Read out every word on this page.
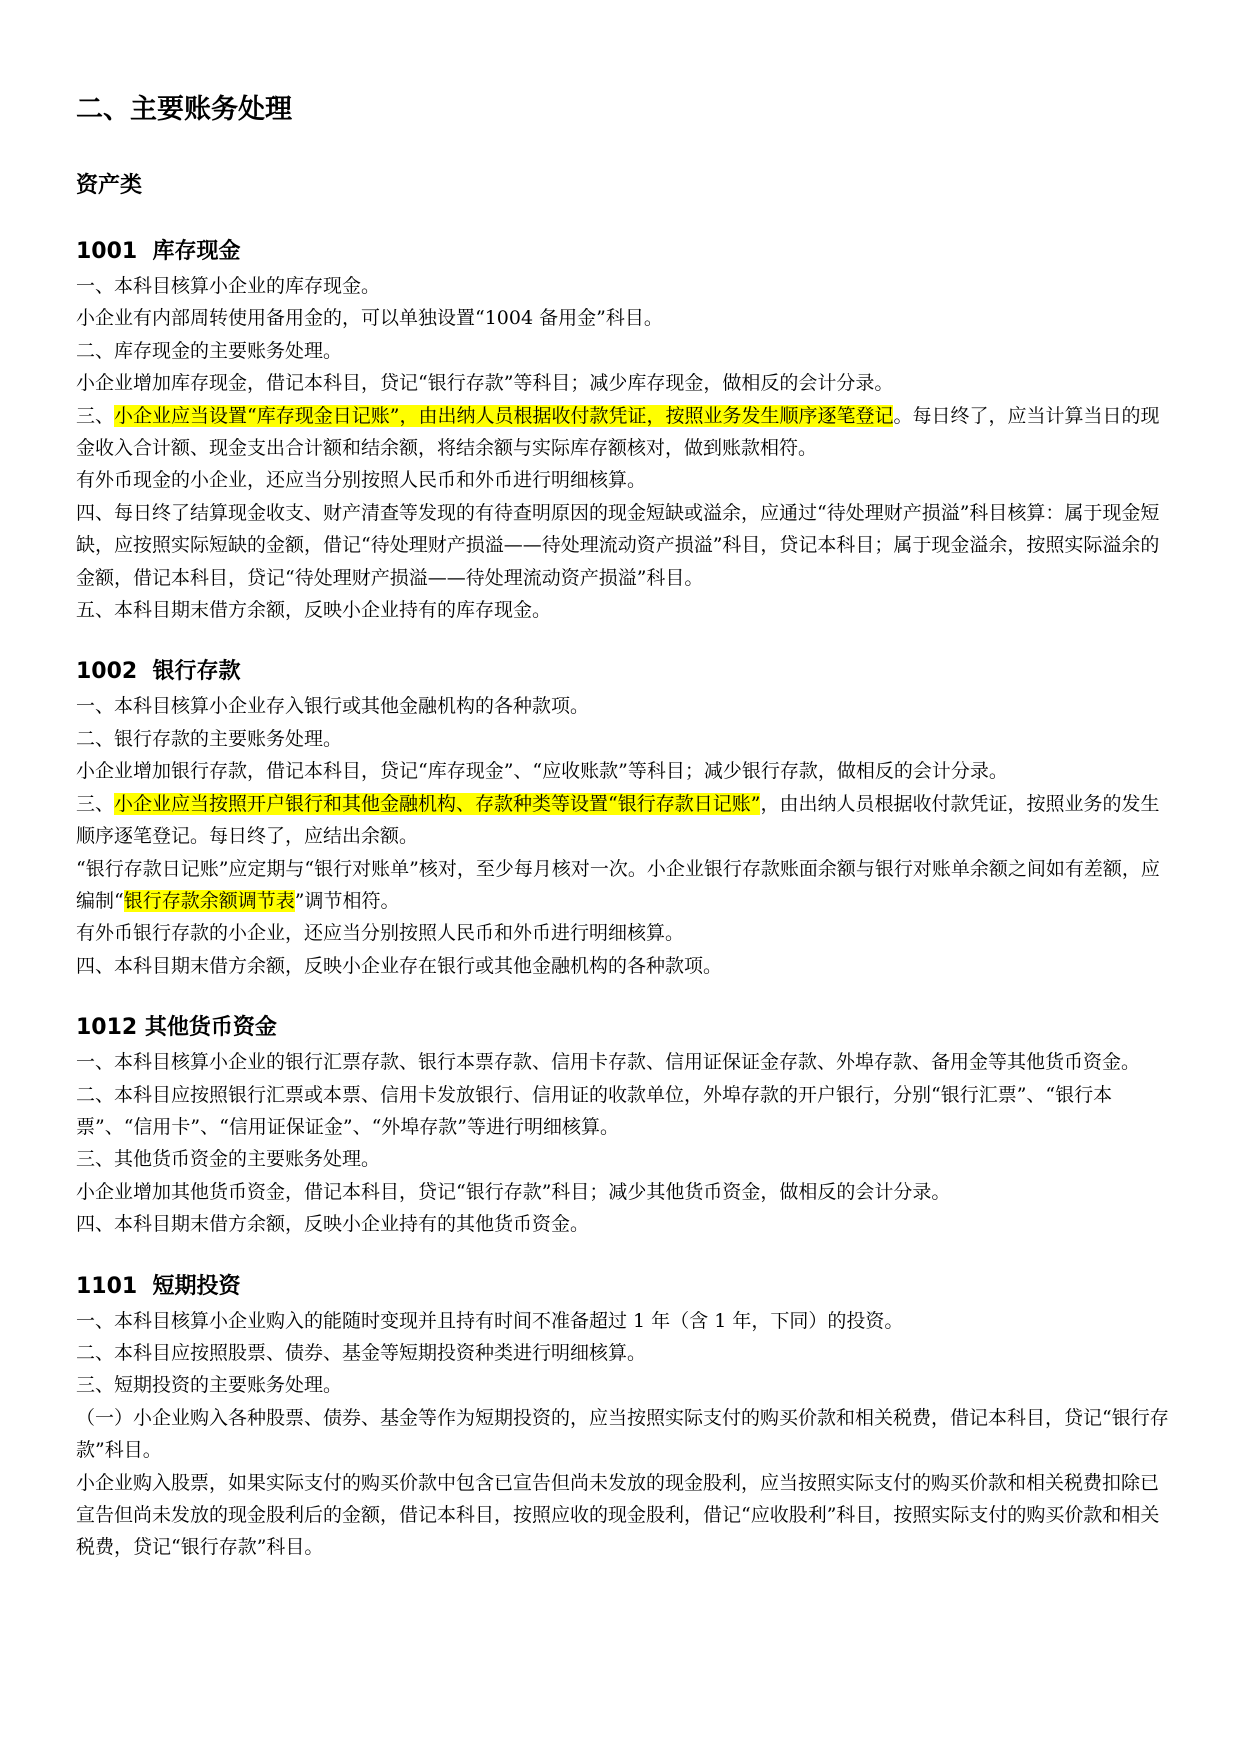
二、主要账务处理
资产类
1001  库存现金

一、本科目核算小企业的库存现金。

小企业有内部周转使用备用金的，可以单独设置“1004 备用金”科目。

二、库存现金的主要账务处理。

小企业增加库存现金，借记本科目，贷记“银行存款”等科目；减少库存现金，做相反的会计分录。

三、小企业应当设置“库存现金日记账”，由出纳人员根据收付款凭证，按照业务发生顺序逐笔登记。每日终了，应当计算当日的现金收入合计额、现金支出合计额和结余额，将结余额与实际库存额核对，做到账款相符。

有外币现金的小企业，还应当分别按照人民币和外币进行明细核算。

四、每日终了结算现金收支、财产清查等发现的有待查明原因的现金短缺或溢余，应通过“待处理财产损溢”科目核算：属于现金短缺，应按照实际短缺的金额，借记“待处理财产损溢——待处理流动资产损溢”科目，贷记本科目；属于现金溢余，按照实际溢余的金额，借记本科目，贷记“待处理财产损溢——待处理流动资产损溢”科目。

五、本科目期末借方余额，反映小企业持有的库存现金。

1002  银行存款

一、本科目核算小企业存入银行或其他金融机构的各种款项。

二、银行存款的主要账务处理。

小企业增加银行存款，借记本科目，贷记“库存现金”、“应收账款”等科目；减少银行存款，做相反的会计分录。

三、小企业应当按照开户银行和其他金融机构、存款种类等设置“银行存款日记账”，由出纳人员根据收付款凭证，按照业务的发生顺序逐笔登记。每日终了，应结出余额。

“银行存款日记账”应定期与“银行对账单”核对，至少每月核对一次。小企业银行存款账面余额与银行对账单余额之间如有差额，应编制“银行存款余额调节表”调节相符。

有外币银行存款的小企业，还应当分别按照人民币和外币进行明细核算。

四、本科目期末借方余额，反映小企业存在银行或其他金融机构的各种款项。

1012 其他货币资金

一、本科目核算小企业的银行汇票存款、银行本票存款、信用卡存款、信用证保证金存款、外埠存款、备用金等其他货币资金。

二、本科目应按照银行汇票或本票、信用卡发放银行、信用证的收款单位，外埠存款的开户银行，分别“银行汇票”、“银行本票”、“信用卡”、“信用证保证金”、“外埠存款”等进行明细核算。

三、其他货币资金的主要账务处理。

小企业增加其他货币资金，借记本科目，贷记“银行存款”科目；减少其他货币资金，做相反的会计分录。

四、本科目期末借方余额，反映小企业持有的其他货币资金。

1101  短期投资

一、本科目核算小企业购入的能随时变现并且持有时间不准备超过 1 年（含 1 年，下同）的投资。

二、本科目应按照股票、债券、基金等短期投资种类进行明细核算。

三、短期投资的主要账务处理。

（一）小企业购入各种股票、债券、基金等作为短期投资的，应当按照实际支付的购买价款和相关税费，借记本科目，贷记“银行存款”科目。

小企业购入股票，如果实际支付的购买价款中包含已宣告但尚未发放的现金股利，应当按照实际支付的购买价款和相关税费扣除已宣告但尚未发放的现金股利后的金额，借记本科目，按照应收的现金股利，借记“应收股利”科目，按照实际支付的购买价款和相关税费，贷记“银行存款”科目。
